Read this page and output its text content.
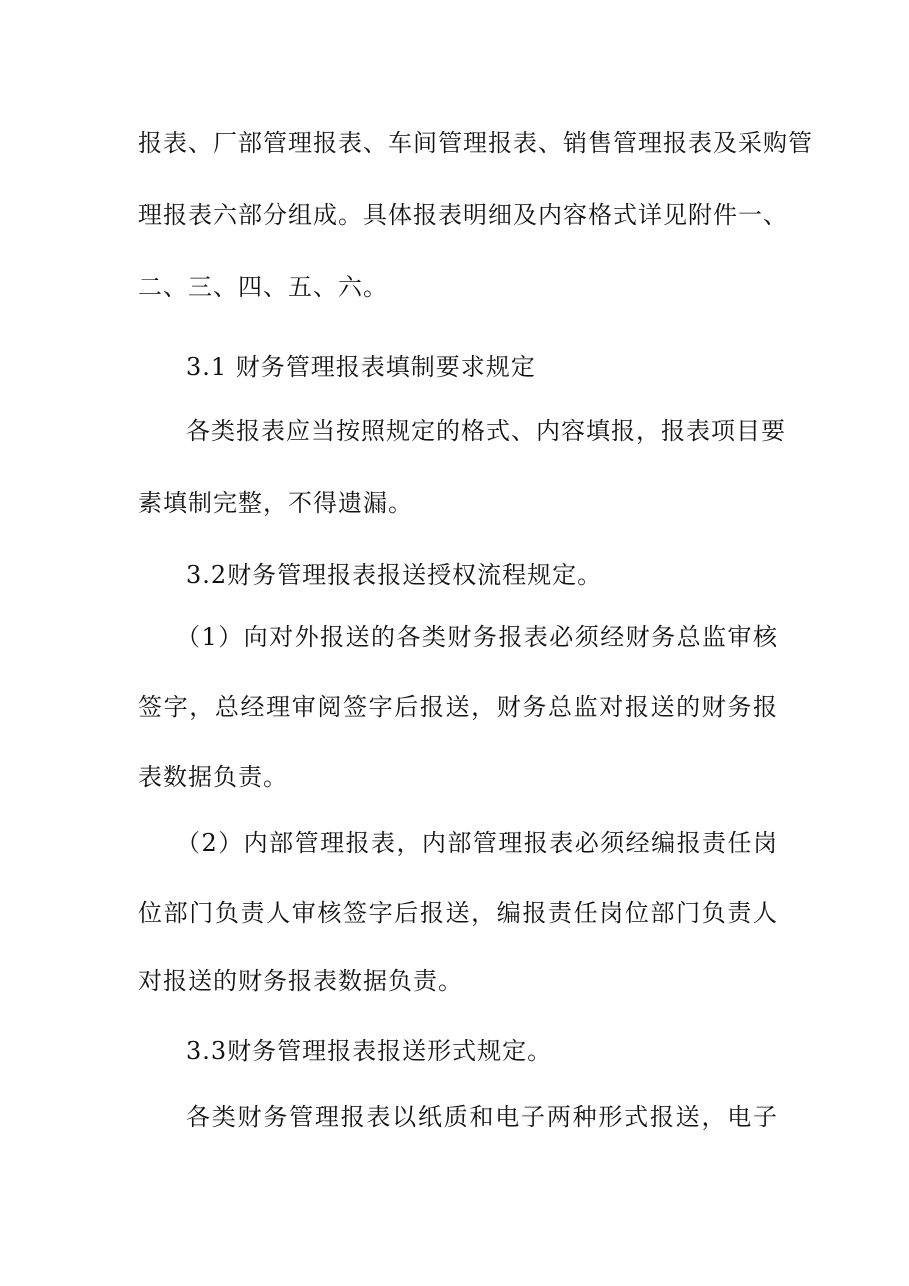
报表、厂部管理报表、车间管理报表、销售管理报表及采购管
理报表六部分组成。具体报表明细及内容格式详见附件一、
二、三、四、五、六。
3.1 财务管理报表填制要求规定
各类报表应当按照规定的格式、内容填报，报表项目要
素填制完整，不得遗漏。
3.2财务管理报表报送授权流程规定。
（1）向对外报送的各类财务报表必须经财务总监审核
签字，总经理审阅签字后报送，财务总监对报送的财务报
表数据负责。
（2）内部管理报表，内部管理报表必须经编报责任岗
位部门负责人审核签字后报送，编报责任岗位部门负责人
对报送的财务报表数据负责。
3.3财务管理报表报送形式规定。
各类财务管理报表以纸质和电子两种形式报送，电子
